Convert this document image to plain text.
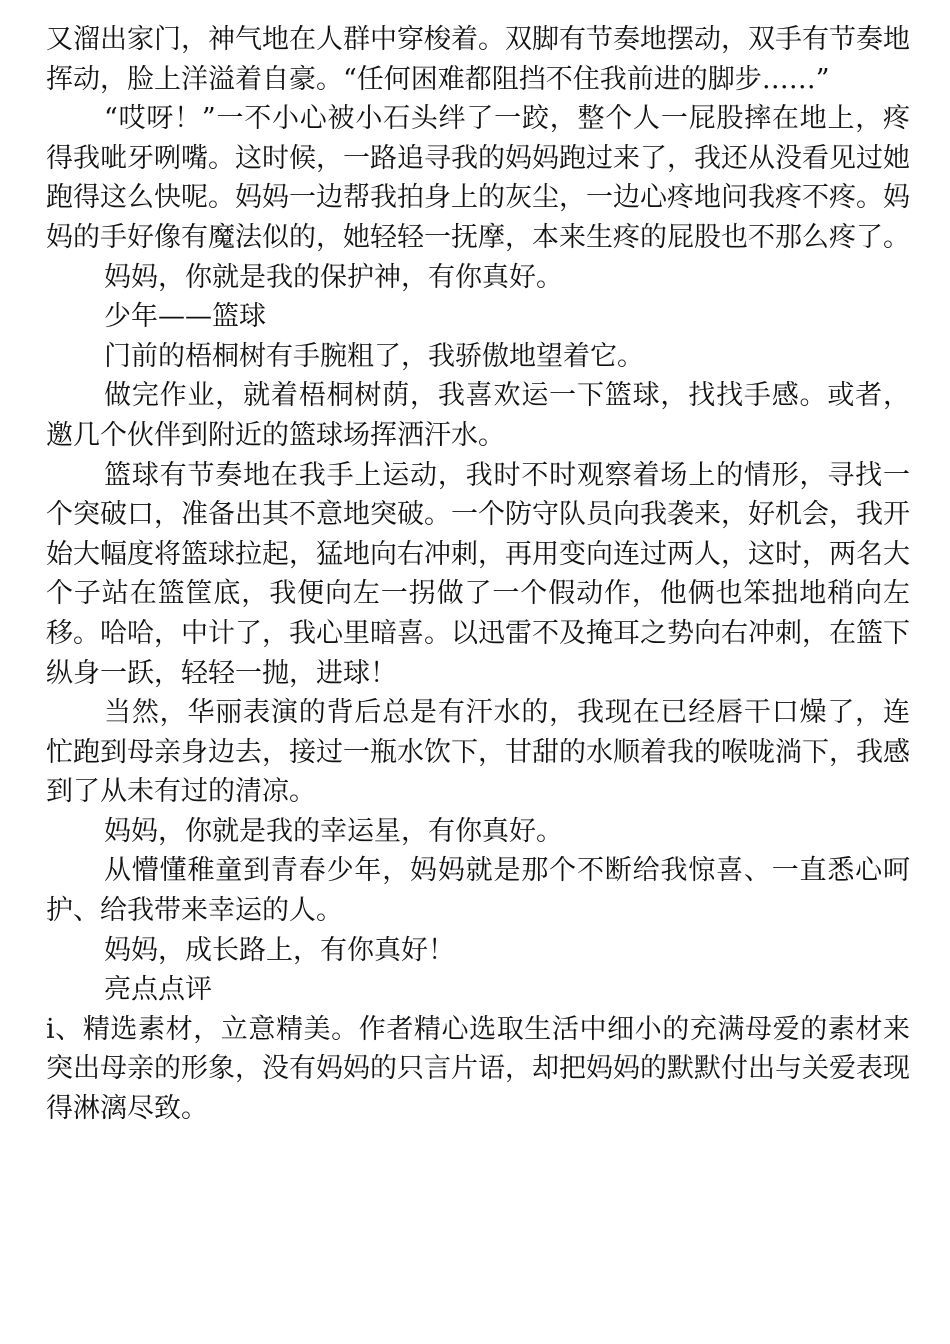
又溜出家门，神气地在人群中穿梭着。双脚有节奏地摆动，双手有节奏地挥动，脸上洋溢着自豪。“任何困难都阻挡不住我前进的脚步……”

“哎呀！”一不小心被小石头绊了一跤，整个人一屁股摔在地上，疼得我呲牙咧嘴。这时候，一路追寻我的妈妈跑过来了，我还从没看见过她跑得这么快呢。妈妈一边帮我拍身上的灰尘，一边心疼地问我疼不疼。妈妈的手好像有魔法似的，她轻轻一抚摩，本来生疼的屁股也不那么疼了。

妈妈，你就是我的保护神，有你真好。

少年——篮球

门前的梧桐树有手腕粗了，我骄傲地望着它。

做完作业，就着梧桐树荫，我喜欢运一下篮球，找找手感。或者，邀几个伙伴到附近的篮球场挥洒汗水。

篮球有节奏地在我手上运动，我时不时观察着场上的情形，寻找一个突破口，准备出其不意地突破。一个防守队员向我袭来，好机会，我开始大幅度将篮球拉起，猛地向右冲刺，再用变向连过两人，这时，两名大个子站在篮筐底，我便向左一拐做了一个假动作，他俩也笨拙地稍向左移。哈哈，中计了，我心里暗喜。以迅雷不及掩耳之势向右冲刺，在篮下纵身一跃，轻轻一抛，进球！

当然，华丽表演的背后总是有汗水的，我现在已经唇干口燥了，连忙跑到母亲身边去，接过一瓶水饮下，甘甜的水顺着我的喉咙淌下，我感到了从未有过的清凉。

妈妈，你就是我的幸运星，有你真好。

从懵懂稚童到青春少年，妈妈就是那个不断给我惊喜、一直悉心呵护、给我带来幸运的人。

妈妈，成长路上，有你真好！

亮点点评

i、精选素材，立意精美。作者精心选取生活中细小的充满母爱的素材来突出母亲的形象，没有妈妈的只言片语，却把妈妈的默默付出与关爱表现得淋漓尽致。
